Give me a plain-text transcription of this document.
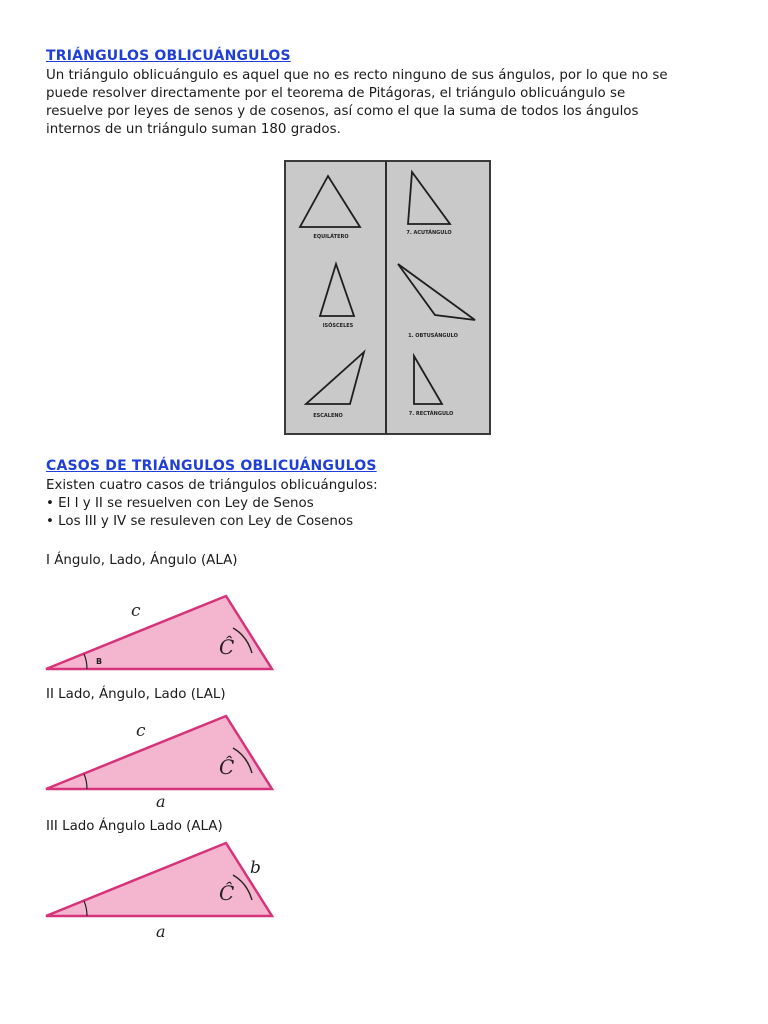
TRIÁNGULOS OBLICUÁNGULOS
Un triángulo oblicuángulo es aquel que no es recto ninguno de sus ángulos, por lo que no se
puede resolver directamente por el teorema de Pitágoras, el triángulo oblicuángulo se
resuelve por leyes de senos y de cosenos, así como el que la suma de todos los ángulos
internos de un triángulo suman 180 grados.
EQUILÁTERO
7. ACUTÁNGULO
ISÓSCELES
1. OBTUSÁNGULO
ESCALENO	7. RECTÁNGULO
CASOS DE TRIÁNGULOS OBLICUÁNGULOS
Existen cuatro casos de triángulos oblicuángulos:
• El I y II se resuelven con Ley de Senos
• Los III y IV se resuleven con Ley de Cosenos
I Ángulo, Lado, Ángulo (ALA)
c
Ĉ
B
II Lado, Ángulo, Lado (LAL)
c
Ĉ
a
III Lado Ángulo Lado (ALA)
Ĉ
b
a
